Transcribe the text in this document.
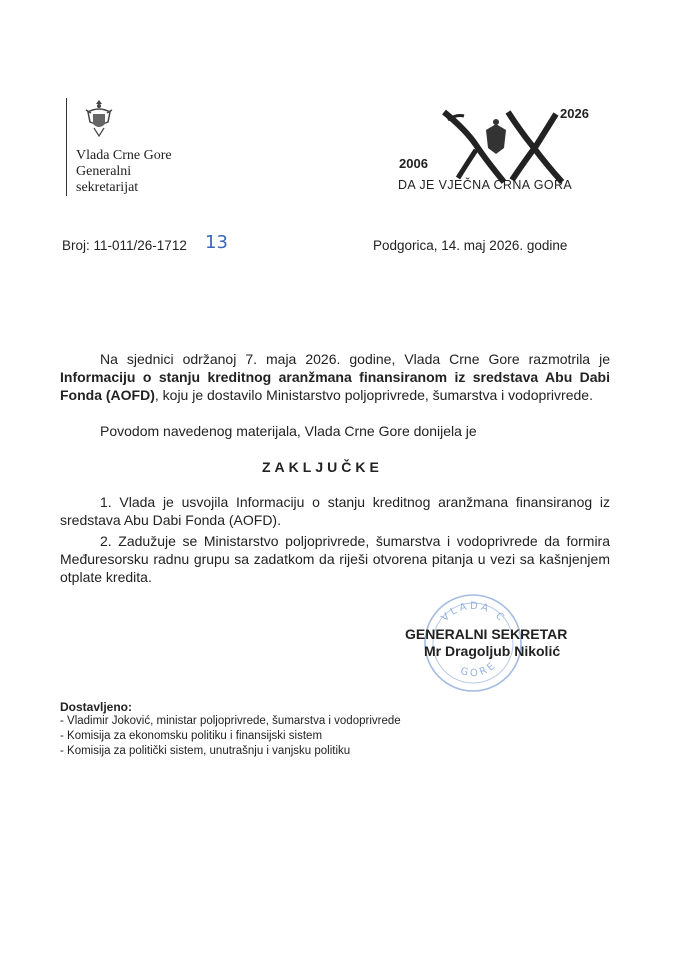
Vlada Crne Gore
Generalni
sekretarijat
2026
2006
DA JE VJEČNA CRNA GORA
Broj: 11-011/26-1712 13	Podgorica, 14. maj 2026. godine
Na sjednici održanoj 7. maja 2026. godine, Vlada Crne Gore razmotrila je Informaciju o stanju kreditnog aranžmana finansiranom iz sredstava Abu Dabi Fonda (AOFD), koju je dostavilo Ministarstvo poljoprivrede, šumarstva i vodoprivrede.
Povodom navedenog materijala, Vlada Crne Gore donijela je
ZAKLJUČKE
1. Vlada je usvojila Informaciju o stanju kreditnog aranžmana finansiranog iz sredstava Abu Dabi Fonda (AOFD).
2. Zadužuje se Ministarstvo poljoprivrede, šumarstva i vodoprivrede da formira Međuresorsku radnu grupu sa zadatkom da riješi otvorena pitanja u vezi sa kašnjenjem otplate kredita.
VLADA C
GORE
GENERALNI SEKRETAR
Mr Dragoljub Nikolić
Dostavljeno:
- Vladimir Joković, ministar poljoprivrede, šumarstva i vodoprivrede
- Komisija za ekonomsku politiku i finansijski sistem
- Komisija za politički sistem, unutrašnju i vanjsku politiku
